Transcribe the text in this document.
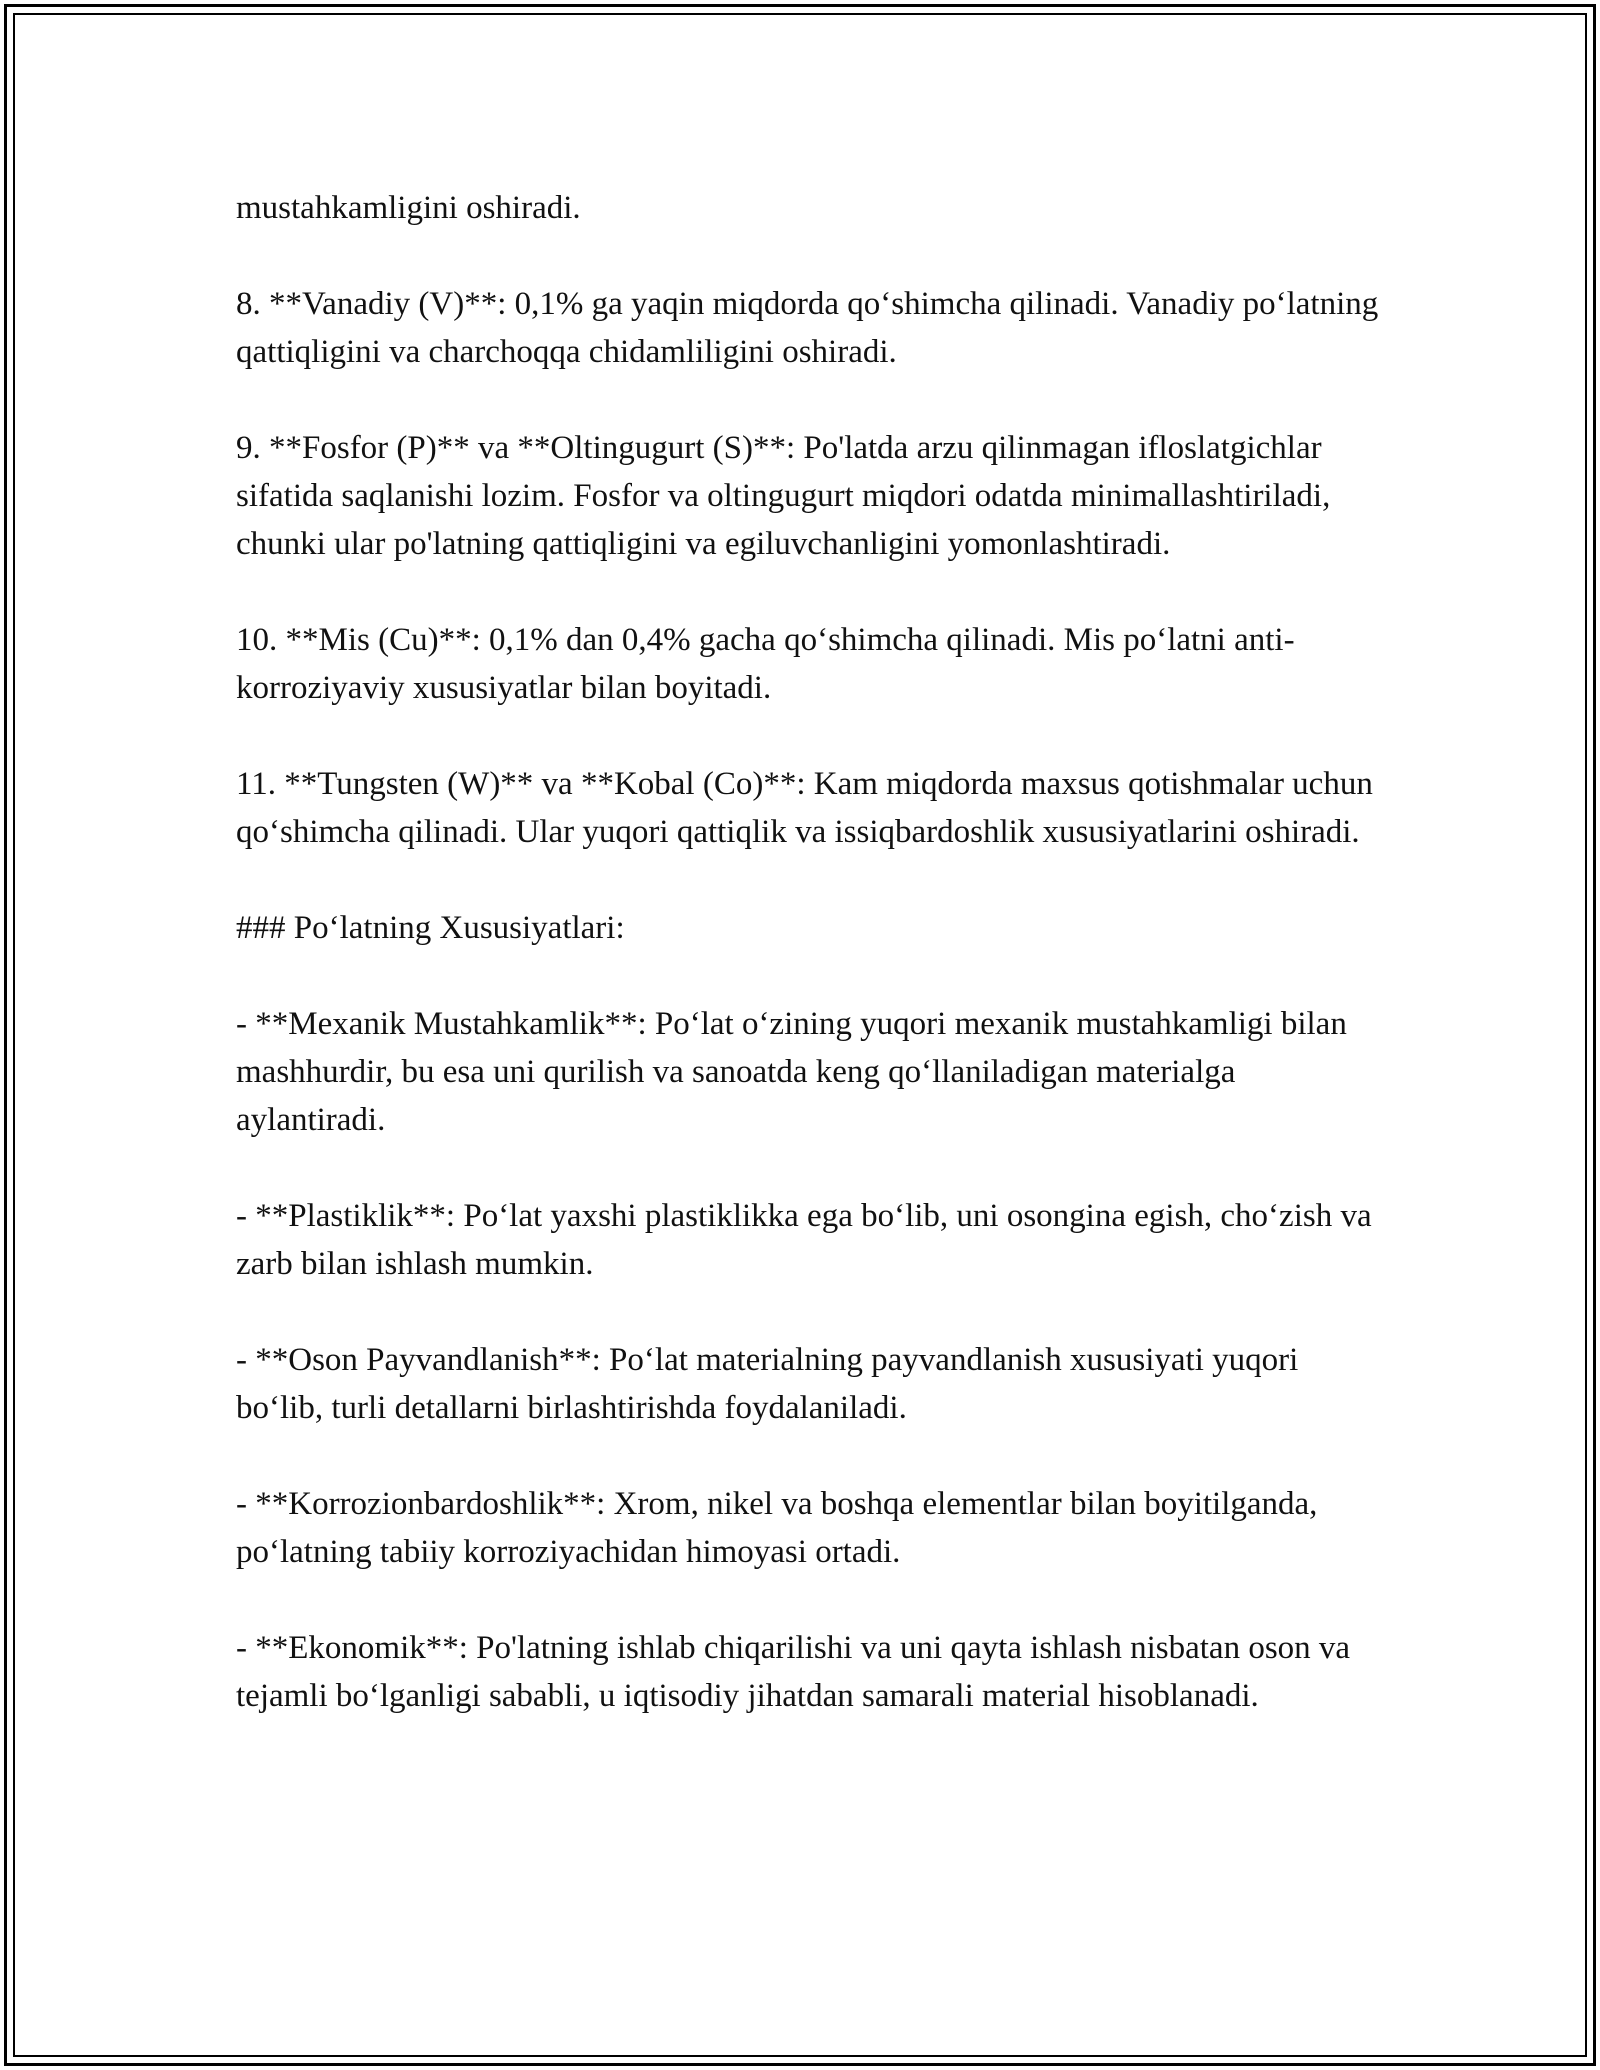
mustahkamligini oshiradi.

8. **Vanadiy (V)**: 0,1% ga yaqin miqdorda qo‘shimcha qilinadi. Vanadiy po‘latning qattiqligini va charchoqqa chidamliligini oshiradi.

9. **Fosfor (P)** va **Oltingugurt (S)**: Po'latda arzu qilinmagan ifloslatgichlar sifatida saqlanishi lozim. Fosfor va oltingugurt miqdori odatda minimallashtiriladi, chunki ular po'latning qattiqligini va egiluvchanligini yomonlashtiradi.

10. **Mis (Cu)**: 0,1% dan 0,4% gacha qo‘shimcha qilinadi. Mis po‘latni anti-korroziyaviy xususiyatlar bilan boyitadi.

11. **Tungsten (W)** va **Kobal (Co)**: Kam miqdorda maxsus qotishmalar uchun qo‘shimcha qilinadi. Ular yuqori qattiqlik va issiqbardoshlik xususiyatlarini oshiradi.

### Po‘latning Xususiyatlari:

- **Mexanik Mustahkamlik**: Po‘lat o‘zining yuqori mexanik mustahkamligi bilan mashhurdir, bu esa uni qurilish va sanoatda keng qo‘llaniladigan materialga aylantiradi.

- **Plastiklik**: Po‘lat yaxshi plastiklikka ega bo‘lib, uni osongina egish, cho‘zish va zarb bilan ishlash mumkin.

- **Oson Payvandlanish**: Po‘lat materialning payvandlanish xususiyati yuqori bo‘lib, turli detallarni birlashtirishda foydalaniladi.

- **Korrozionbardoshlik**: Xrom, nikel va boshqa elementlar bilan boyitilganda, po‘latning tabiiy korroziyachidan himoyasi ortadi.

- **Ekonomik**: Po'latning ishlab chiqarilishi va uni qayta ishlash nisbatan oson va tejamli bo‘lganligi sababli, u iqtisodiy jihatdan samarali material hisoblanadi.
